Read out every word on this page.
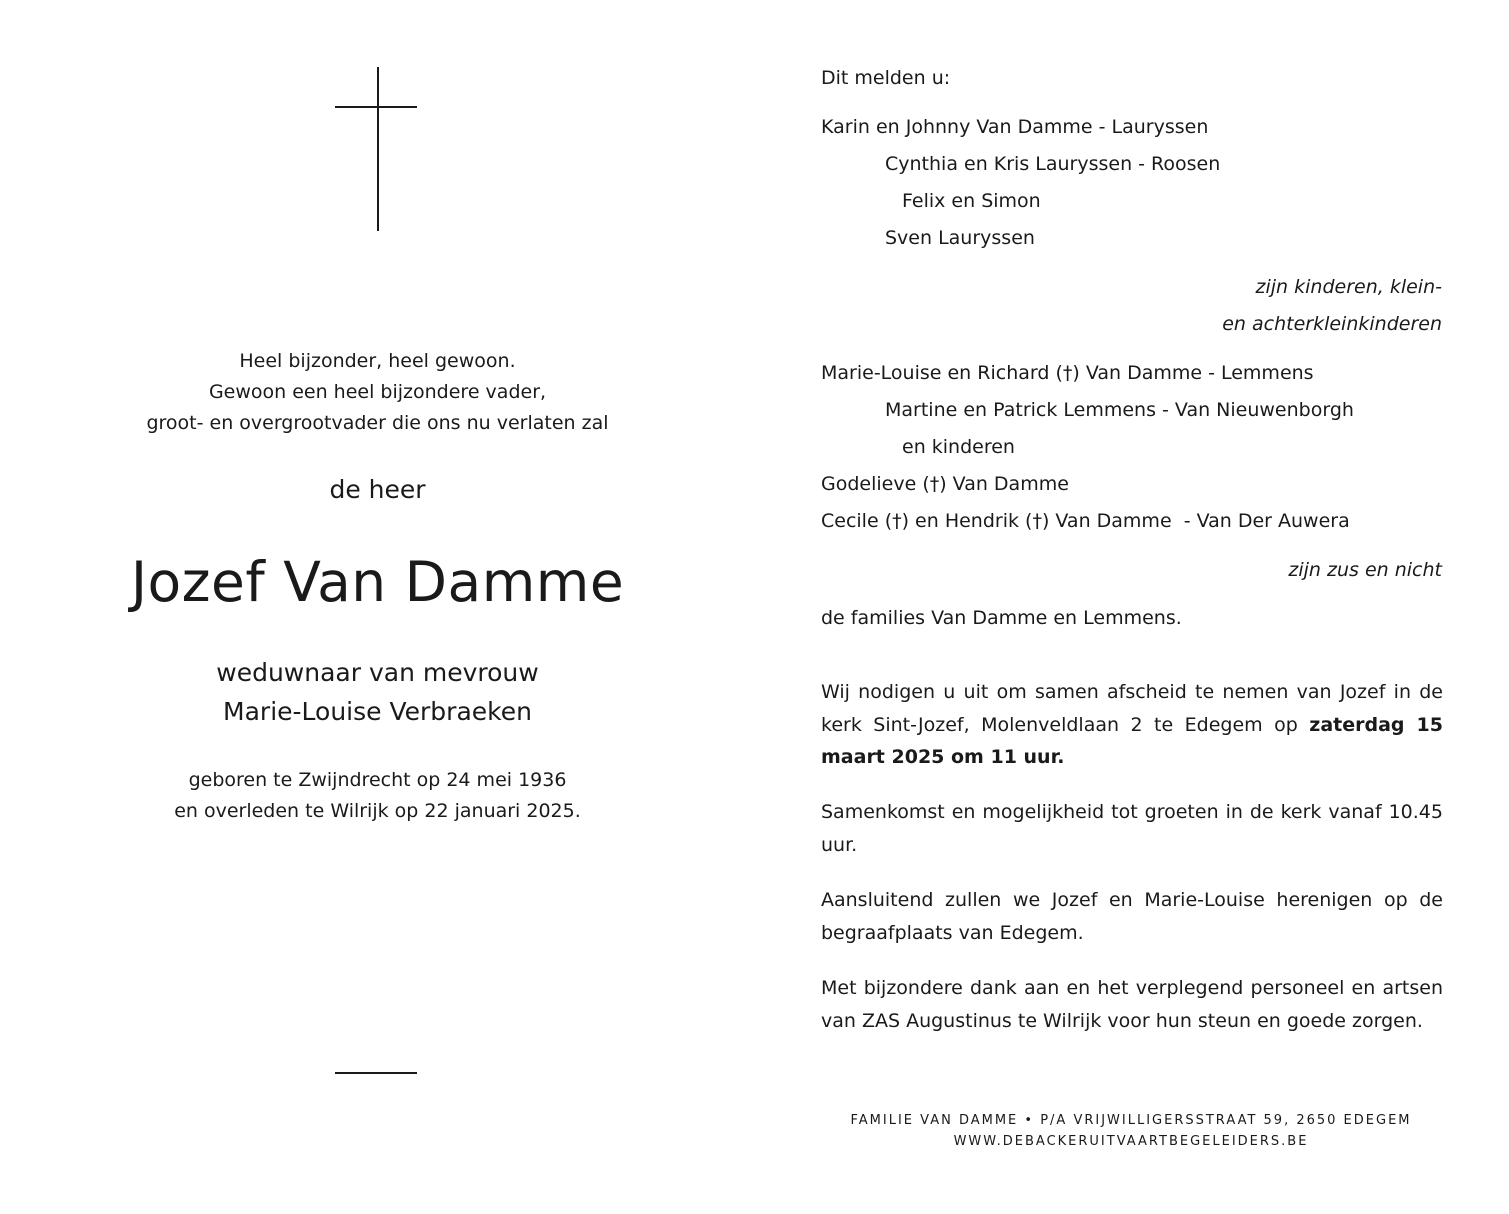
Heel bijzonder, heel gewoon.
Gewoon een heel bijzondere vader,
groot- en overgrootvader die ons nu verlaten zal
de heer
Jozef Van Damme
weduwnaar van mevrouw
Marie-Louise Verbraeken
geboren te Zwijndrecht op 24 mei 1936
en overleden te Wilrijk op 22 januari 2025.
Dit melden u:
Karin en Johnny Van Damme - Lauryssen
Cynthia en Kris Lauryssen - Roosen
Felix en Simon
Sven Lauryssen
zijn kinderen, klein-
en achterkleinkinderen
Marie-Louise en Richard (†) Van Damme - Lemmens
Martine en Patrick Lemmens - Van Nieuwenborgh
en kinderen
Godelieve (†) Van Damme
Cecile (†) en Hendrik (†) Van Damme  - Van Der Auwera
zijn zus en nicht
de families Van Damme en Lemmens.
Wij nodigen u uit om samen afscheid te nemen van Jozef in de kerk Sint-Jozef, Molenveldlaan 2 te Edegem op zaterdag 15 maart 2025 om 11 uur.
Samenkomst en mogelijkheid tot groeten in de kerk vanaf 10.45 uur.
Aansluitend zullen we Jozef en Marie-Louise herenigen op de begraafplaats van Edegem.
Met bijzondere dank aan en het verplegend personeel en artsen van ZAS Augustinus te Wilrijk voor hun steun en goede zorgen.
FAMILIE VAN DAMME • P/A VRIJWILLIGERSSTRAAT 59, 2650 EDEGEM
WWW.DEBACKERUITVAARTBEGELEIDERS.BE
